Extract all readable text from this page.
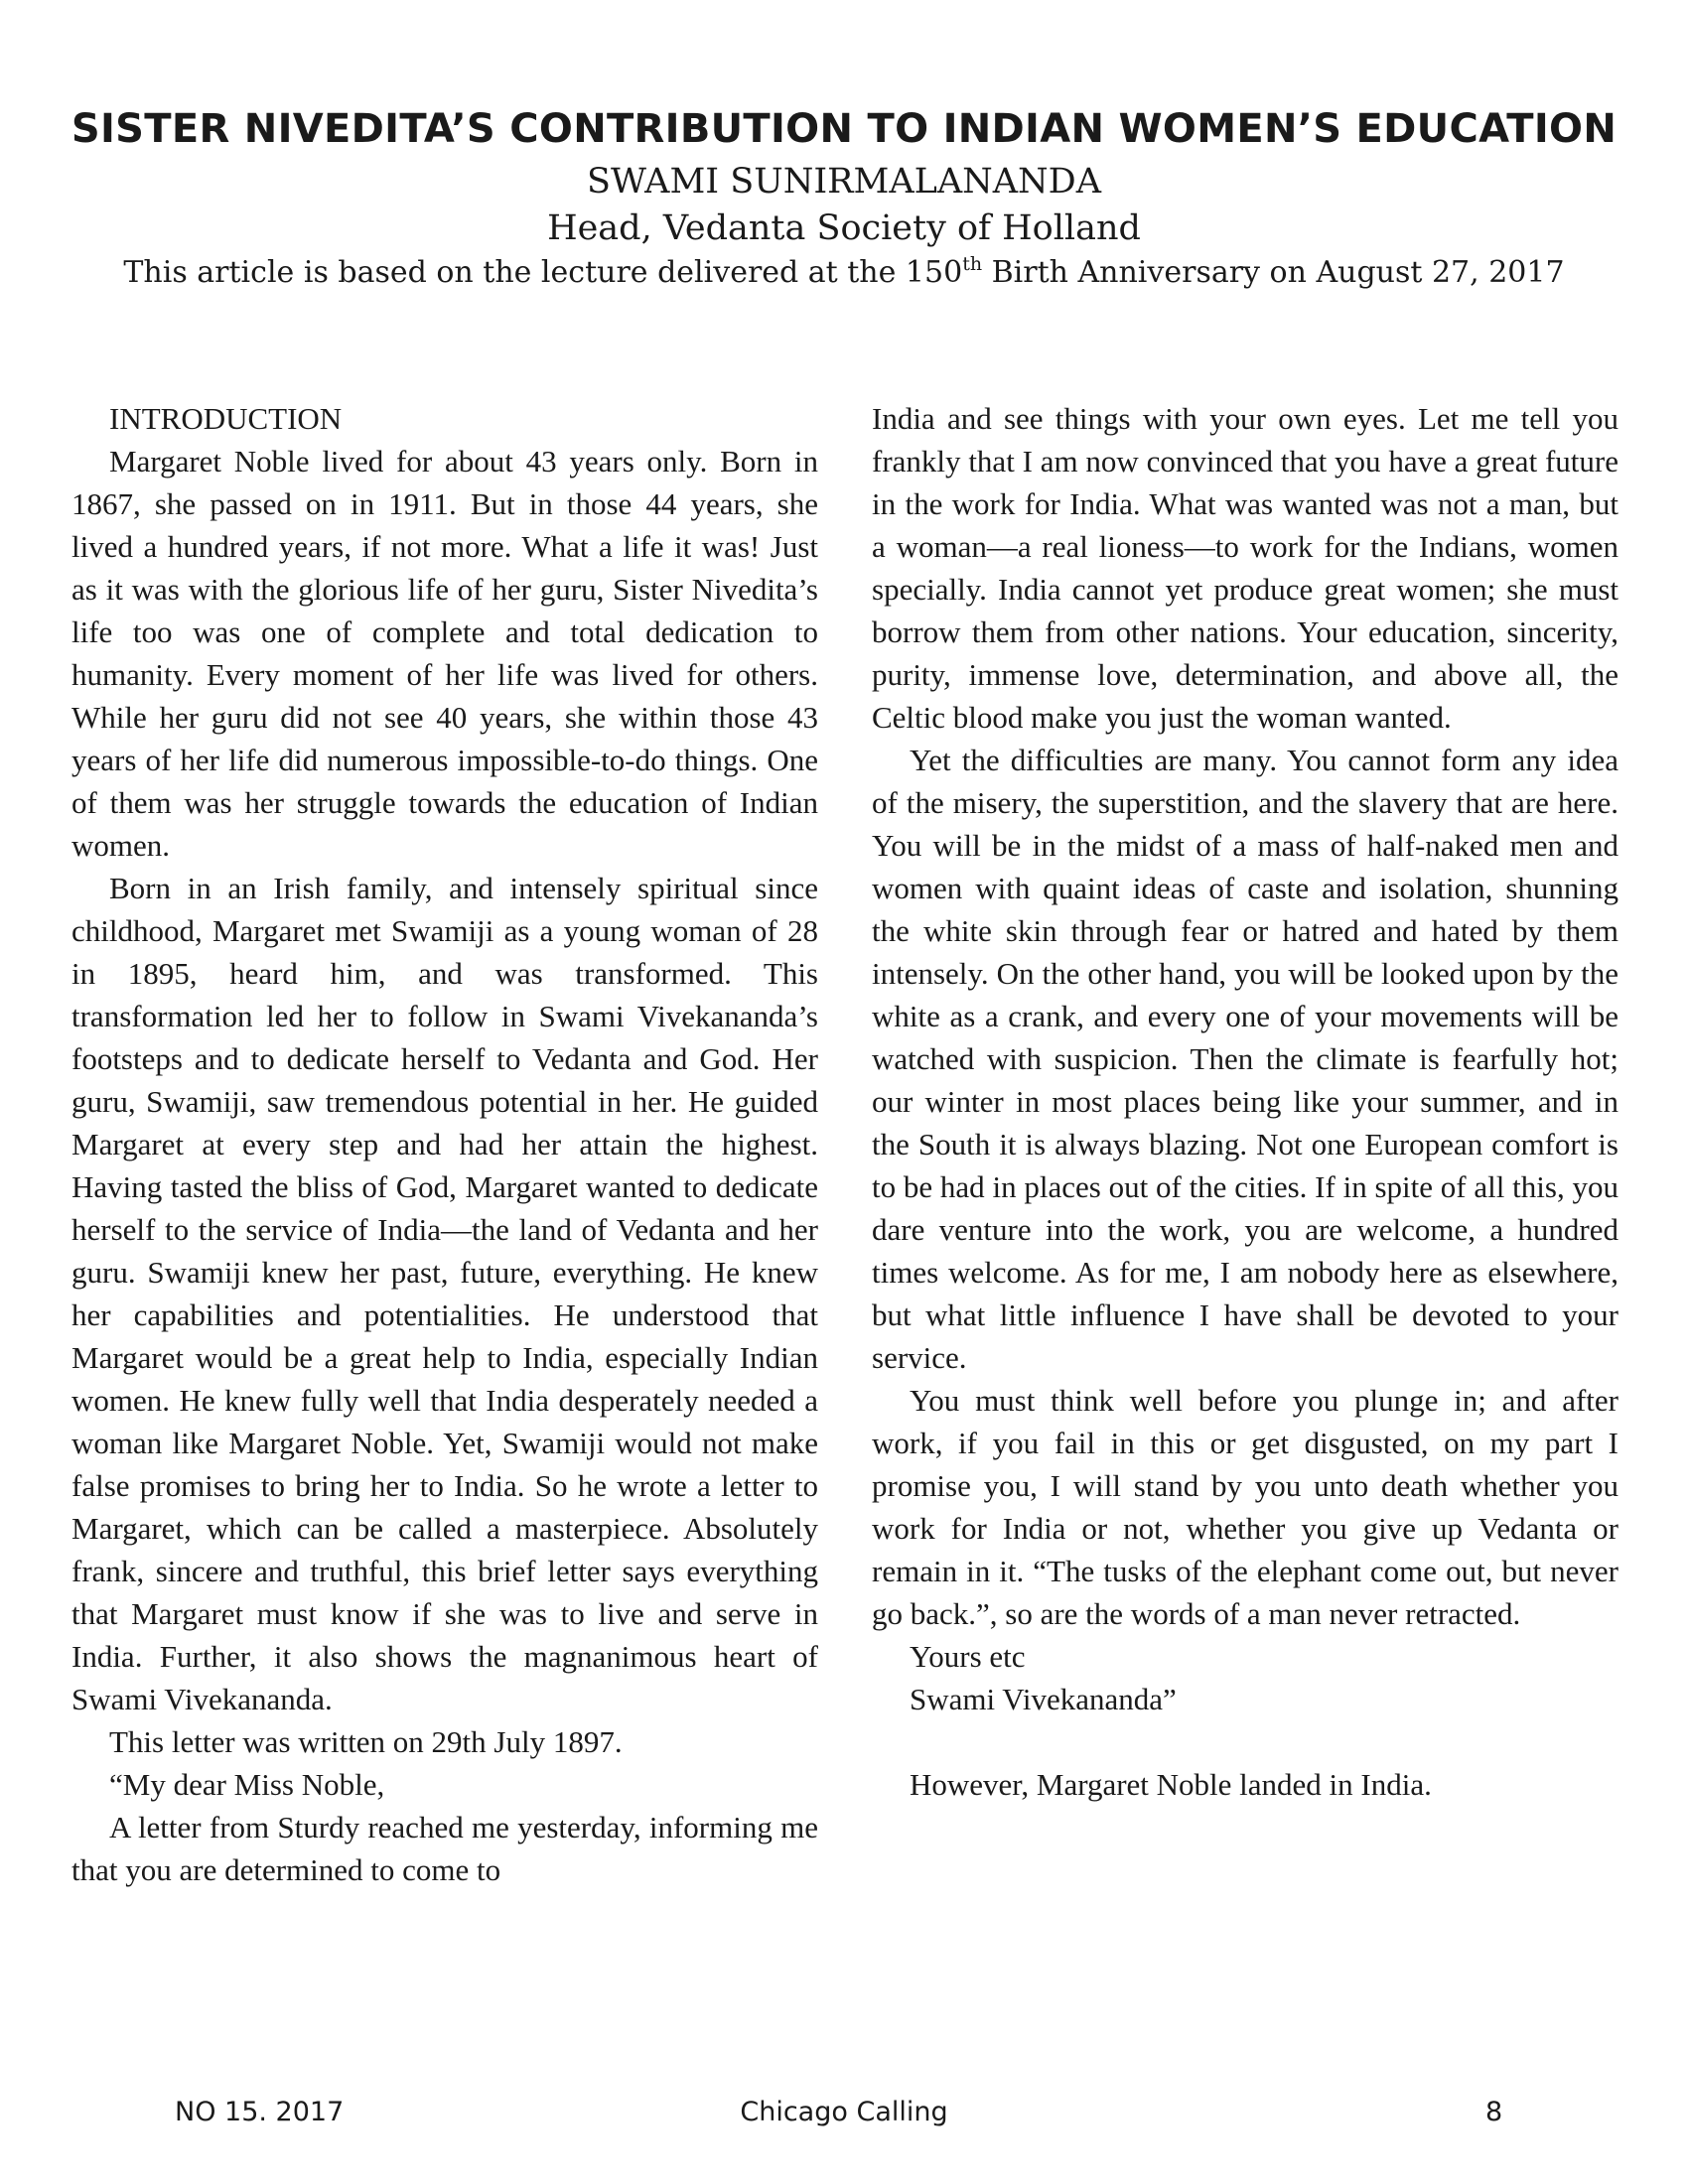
SISTER NIVEDITA’S CONTRIBUTION TO INDIAN WOMEN’S EDUCATION
SWAMI SUNIRMALANANDA
Head, Vedanta Society of Holland
This article is based on the lecture delivered at the 150th Birth Anniversary on August 27, 2017

INTRODUCTION

Margaret Noble lived for about 43 years only. Born in 1867, she passed on in 1911. But in those 44 years, she lived a hundred years, if not more. What a life it was! Just as it was with the glorious life of her guru, Sister Nivedita’s life too was one of complete and total dedication to humanity. Every moment of her life was lived for others. While her guru did not see 40 years, she within those 43 years of her life did numerous impossible-to-do things. One of them was her struggle towards the education of Indian women.

Born in an Irish family, and intensely spiritual since childhood, Margaret met Swamiji as a young woman of 28 in 1895, heard him, and was transformed. This transformation led her to follow in Swami Vivekananda’s footsteps and to dedicate herself to Vedanta and God. Her guru, Swamiji, saw tremendous potential in her. He guided Margaret at every step and had her attain the highest. Having tasted the bliss of God, Margaret wanted to dedicate herself to the service of India—the land of Vedanta and her guru. Swamiji knew her past, future, everything. He knew her capabilities and potentialities. He understood that Margaret would be a great help to India, especially Indian women. He knew fully well that India desperately needed a woman like Margaret Noble. Yet, Swamiji would not make false promises to bring her to India. So he wrote a letter to Margaret, which can be called a masterpiece. Absolutely frank, sincere and truthful, this brief letter says everything that Margaret must know if she was to live and serve in India. Further, it also shows the magnanimous heart of Swami Vivekananda.

This letter was written on 29th July 1897.

“My dear Miss Noble,

A letter from Sturdy reached me yesterday, informing me that you are determined to come to

India and see things with your own eyes. Let me tell you frankly that I am now convinced that you have a great future in the work for India. What was wanted was not a man, but a woman—a real lioness—to work for the Indians, women specially. India cannot yet produce great women; she must borrow them from other nations. Your education, sincerity, purity, immense love, determination, and above all, the Celtic blood make you just the woman wanted.

Yet the difficulties are many. You cannot form any idea of the misery, the superstition, and the slavery that are here. You will be in the midst of a mass of half-naked men and women with quaint ideas of caste and isolation, shunning the white skin through fear or hatred and hated by them intensely. On the other hand, you will be looked upon by the white as a crank, and every one of your movements will be watched with suspicion. Then the climate is fearfully hot; our winter in most places being like your summer, and in the South it is always blazing. Not one European comfort is to be had in places out of the cities. If in spite of all this, you dare venture into the work, you are welcome, a hundred times welcome. As for me, I am nobody here as elsewhere, but what little influence I have shall be devoted to your service.

You must think well before you plunge in; and after work, if you fail in this or get disgusted, on my part I promise you, I will stand by you unto death whether you work for India or not, whether you give up Vedanta or remain in it. “The tusks of the elephant come out, but never go back.”, so are the words of a man never retracted.

Yours etc

Swami Vivekananda”

However, Margaret Noble landed in India.

Chicago Calling
NO 15. 2017	8
